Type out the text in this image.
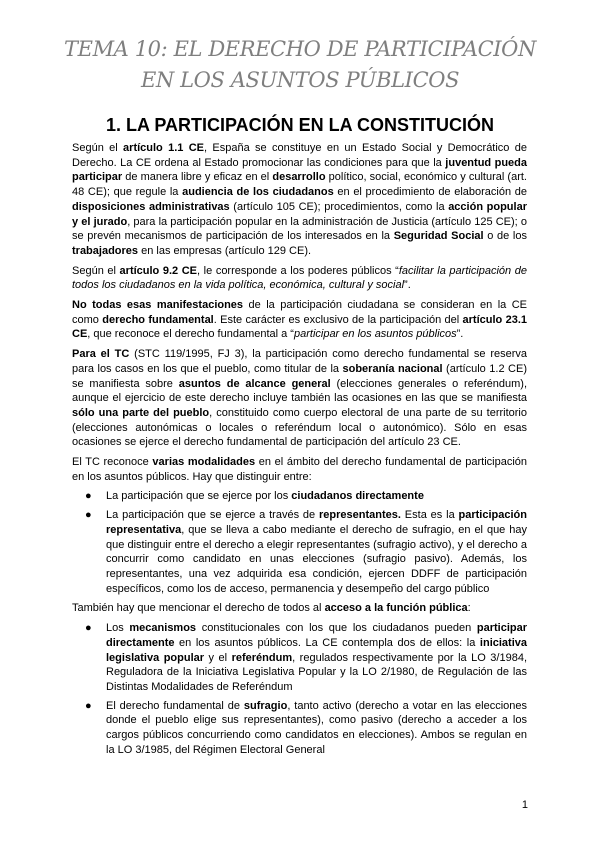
TEMA 10: EL DERECHO DE PARTICIPACIÓN
EN LOS ASUNTOS PÚBLICOS
1. LA PARTICIPACIÓN EN LA CONSTITUCIÓN

Según el artículo 1.1 CE, España se constituye en un Estado Social y Democrático de Derecho. La CE ordena al Estado promocionar las condiciones para que la juventud pueda participar de manera libre y eficaz en el desarrollo político, social, económico y cultural (art. 48 CE); que regule la audiencia de los ciudadanos en el procedimiento de elaboración de disposiciones administrativas (artículo 105 CE); procedimientos, como la acción popular y el jurado, para la participación popular en la administración de Justicia (artículo 125 CE); o se prevén mecanismos de participación de los interesados en la Seguridad Social o de los trabajadores en las empresas (artículo 129 CE).

Según el artículo 9.2 CE, le corresponde a los poderes públicos “facilitar la participación de todos los ciudadanos en la vida política, económica, cultural y social”.

No todas esas manifestaciones de la participación ciudadana se consideran en la CE como derecho fundamental. Este carácter es exclusivo de la participación del artículo 23.1 CE, que reconoce el derecho fundamental a “participar en los asuntos públicos”.

Para el TC (STC 119/1995, FJ 3), la participación como derecho fundamental se reserva para los casos en los que el pueblo, como titular de la soberanía nacional (artículo 1.2 CE) se manifiesta sobre asuntos de alcance general (elecciones generales o referéndum), aunque el ejercicio de este derecho incluye también las ocasiones en las que se manifiesta sólo una parte del pueblo, constituido como cuerpo electoral de una parte de su territorio (elecciones autonómicas o locales o referéndum local o autonómico). Sólo en esas ocasiones se ejerce el derecho fundamental de participación del artículo 23 CE.

El TC reconoce varias modalidades en el ámbito del derecho fundamental de participación en los asuntos públicos. Hay que distinguir entre:

● La participación que se ejerce por los ciudadanos directamente
● La participación que se ejerce a través de representantes. Esta es la participación representativa, que se lleva a cabo mediante el derecho de sufragio, en el que hay que distinguir entre el derecho a elegir representantes (sufragio activo), y el derecho a concurrir como candidato en unas elecciones (sufragio pasivo). Además, los representantes, una vez adquirida esa condición, ejercen DDFF de participación específicos, como los de acceso, permanencia y desempeño del cargo público

También hay que mencionar el derecho de todos al acceso a la función pública:

● Los mecanismos constitucionales con los que los ciudadanos pueden participar directamente en los asuntos públicos. La CE contempla dos de ellos: la iniciativa legislativa popular y el referéndum, regulados respectivamente por la LO 3/1984, Reguladora de la Iniciativa Legislativa Popular y la LO 2/1980, de Regulación de las Distintas Modalidades de Referéndum
● El derecho fundamental de sufragio, tanto activo (derecho a votar en las elecciones donde el pueblo elige sus representantes), como pasivo (derecho a acceder a los cargos públicos concurriendo como candidatos en elecciones). Ambos se regulan en la LO 3/1985, del Régimen Electoral General
1
